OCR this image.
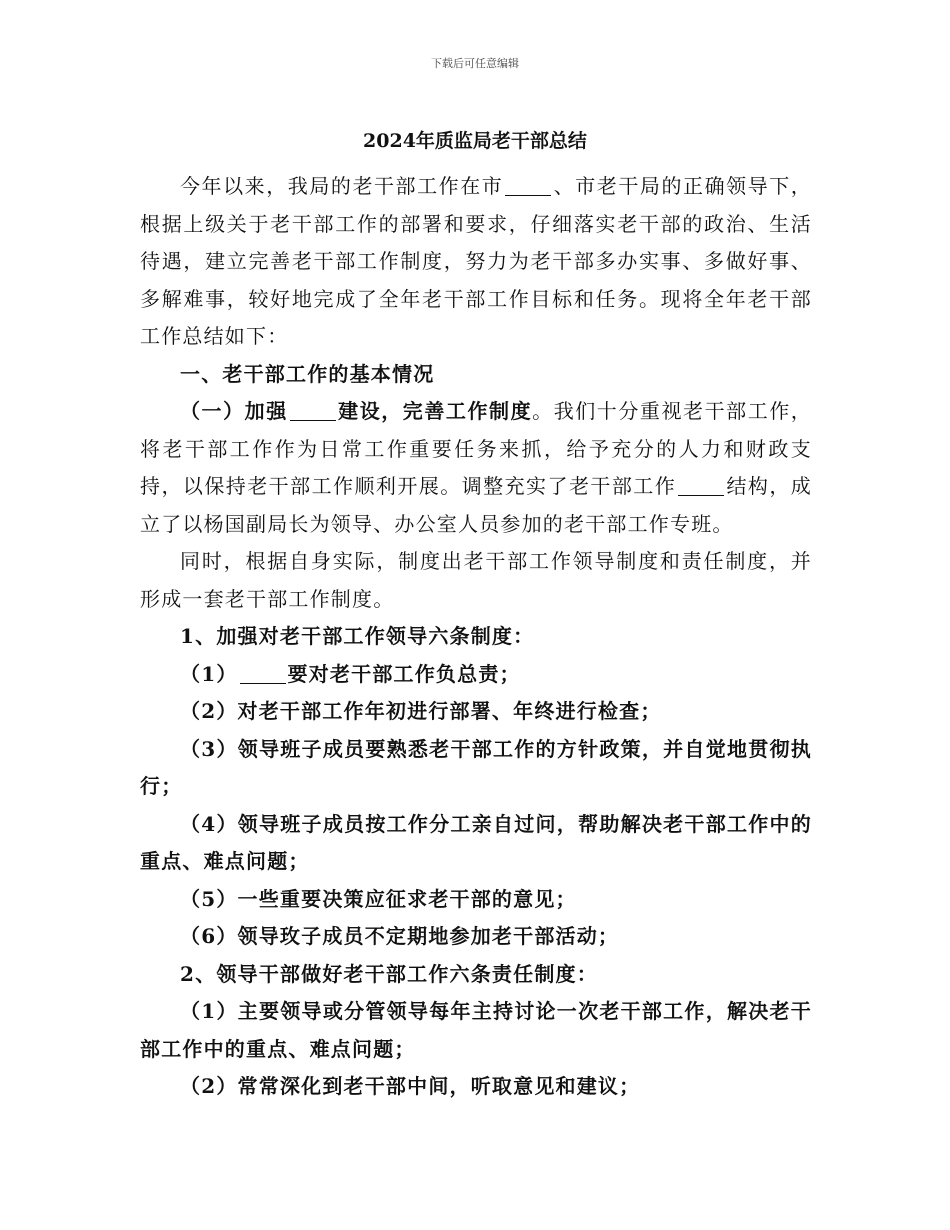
下载后可任意编辑
2024年质监局老干部总结

今年以来，我局的老干部工作在市	、市老干局的正确领导下，根据上级关于老干部工作的部署和要求，仔细落实老干部的政治、生活待遇，建立完善老干部工作制度，努力为老干部多办实事、多做好事、多解难事，较好地完成了全年老干部工作目标和任务。现将全年老干部工作总结如下：

一、老干部工作的基本情况

（一）加强	建设，完善工作制度。我们十分重视老干部工作，将老干部工作作为日常工作重要任务来抓，给予充分的人力和财政支持，以保持老干部工作顺利开展。调整充实了老干部工作	结构，成立了以杨国副局长为领导、办公室人员参加的老干部工作专班。

同时，根据自身实际，制度出老干部工作领导制度和责任制度，并形成一套老干部工作制度。

1、加强对老干部工作领导六条制度：

（1）	要对老干部工作负总责；

（2）对老干部工作年初进行部署、年终进行检查；

（3）领导班子成员要熟悉老干部工作的方针政策，并自觉地贯彻执行；

（4）领导班子成员按工作分工亲自过问，帮助解决老干部工作中的重点、难点问题；

（5）一些重要决策应征求老干部的意见；

（6）领导玫子成员不定期地参加老干部活动；

2、领导干部做好老干部工作六条责任制度：

（1）主要领导或分管领导每年主持讨论一次老干部工作，解决老干部工作中的重点、难点问题；

（2）常常深化到老干部中间，听取意见和建议；
